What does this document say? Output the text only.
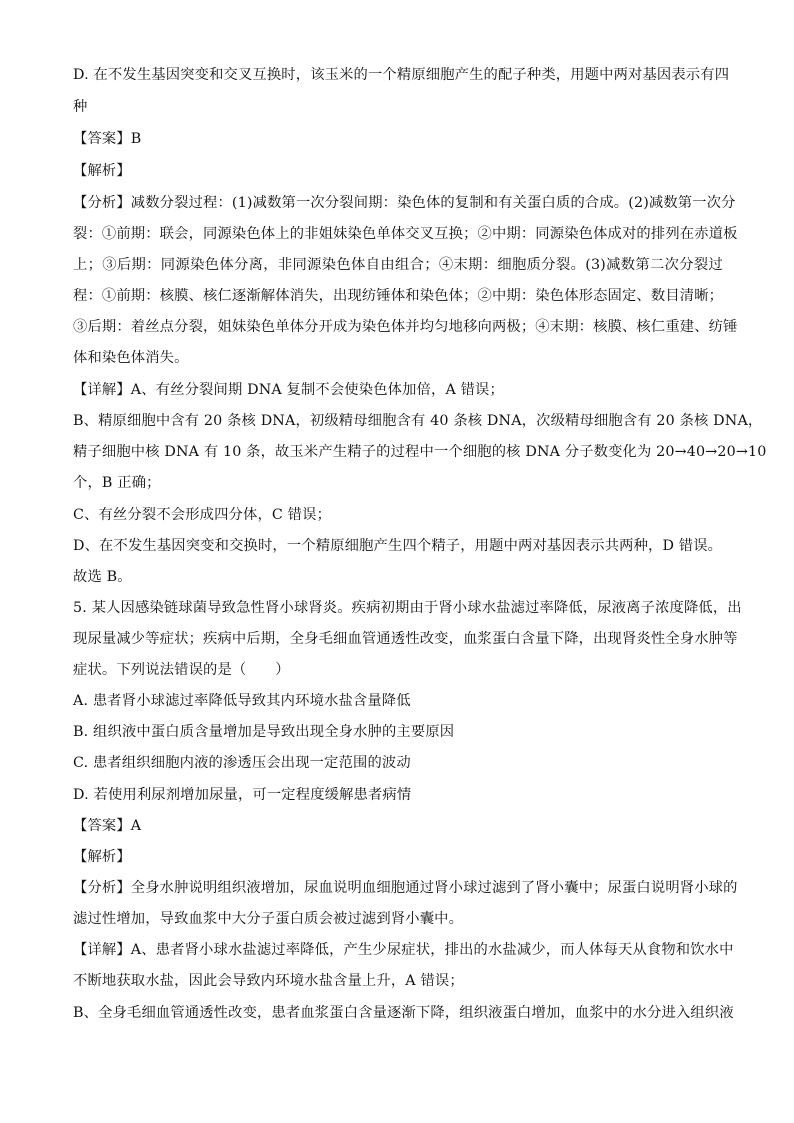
D. 在不发生基因突变和交叉互换时，该玉米的一个精原细胞产生的配子种类，用题中两对基因表示有四
种
【答案】B
【解析】
【分析】减数分裂过程：(1)减数第一次分裂间期：染色体的复制和有关蛋白质的合成。(2)减数第一次分
裂：①前期：联会，同源染色体上的非姐妹染色单体交叉互换；②中期：同源染色体成对的排列在赤道板
上；③后期：同源染色体分离，非同源染色体自由组合；④末期：细胞质分裂。(3)减数第二次分裂过
程：①前期：核膜、核仁逐渐解体消失，出现纺锤体和染色体；②中期：染色体形态固定、数目清晰；
③后期：着丝点分裂，姐妹染色单体分开成为染色体并均匀地移向两极；④末期：核膜、核仁重建、纺锤
体和染色体消失。
【详解】A、有丝分裂间期 DNA 复制不会使染色体加倍，A 错误；
B、精原细胞中含有 20 条核 DNA，初级精母细胞含有 40 条核 DNA，次级精母细胞含有 20 条核 DNA，
精子细胞中核 DNA 有 10 条，故玉米产生精子的过程中一个细胞的核 DNA 分子数变化为 20→40→20→10
个，B 正确；
C、有丝分裂不会形成四分体，C 错误；
D、在不发生基因突变和交换时，一个精原细胞产生四个精子，用题中两对基因表示共两种，D 错误。
故选 B。
5. 某人因感染链球菌导致急性肾小球肾炎。疾病初期由于肾小球水盐滤过率降低，尿液离子浓度降低，出
现尿量减少等症状；疾病中后期，全身毛细血管通透性改变，血浆蛋白含量下降，出现肾炎性全身水肿等
症状。下列说法错误的是（　　）
A. 患者肾小球滤过率降低导致其内环境水盐含量降低
B. 组织液中蛋白质含量增加是导致出现全身水肿的主要原因
C. 患者组织细胞内液的渗透压会出现一定范围的波动
D. 若使用利尿剂增加尿量，可一定程度缓解患者病情
【答案】A
【解析】
【分析】全身水肿说明组织液增加，尿血说明血细胞通过肾小球过滤到了肾小囊中；尿蛋白说明肾小球的
滤过性增加，导致血浆中大分子蛋白质会被过滤到肾小囊中。
【详解】A、患者肾小球水盐滤过率降低，产生少尿症状，排出的水盐减少，而人体每天从食物和饮水中
不断地获取水盐，因此会导致内环境水盐含量上升，A 错误；
B、全身毛细血管通透性改变，患者血浆蛋白含量逐渐下降，组织液蛋白增加，血浆中的水分进入组织液
